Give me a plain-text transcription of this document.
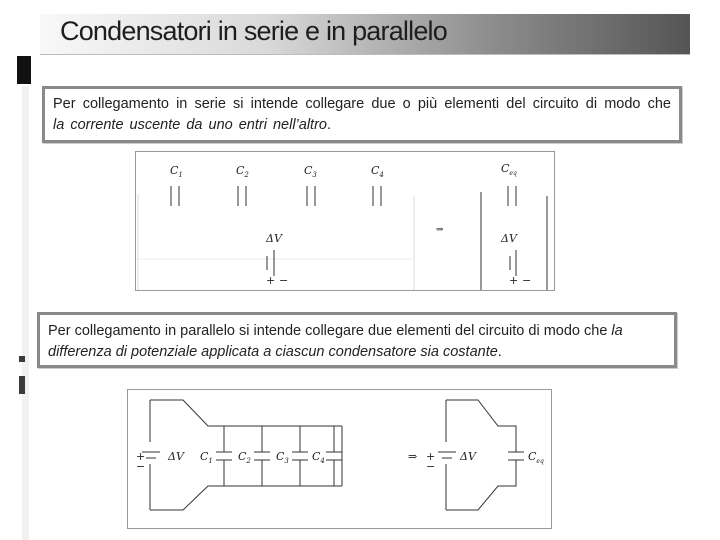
Condensatori in serie e in parallelo
Per collegamento in serie si intende collegare due o più elementi del circuito di modo che la corrente uscente da uno entri nell’altro.
$C_1$	$C_2$	$C_3$	$C_4$	$C_{eq}$
ΔV	ΔV
+ −	+ −
⇒
Per collegamento in parallelo si intende collegare due elementi del circuito di modo che la differenza di potenziale applicata a ciascun condensatore sia costante.
+
−
ΔV $C_1$ $C_2$ $C_3$ $C_4$	⇒ +
−
ΔV	$C_{eq}$
